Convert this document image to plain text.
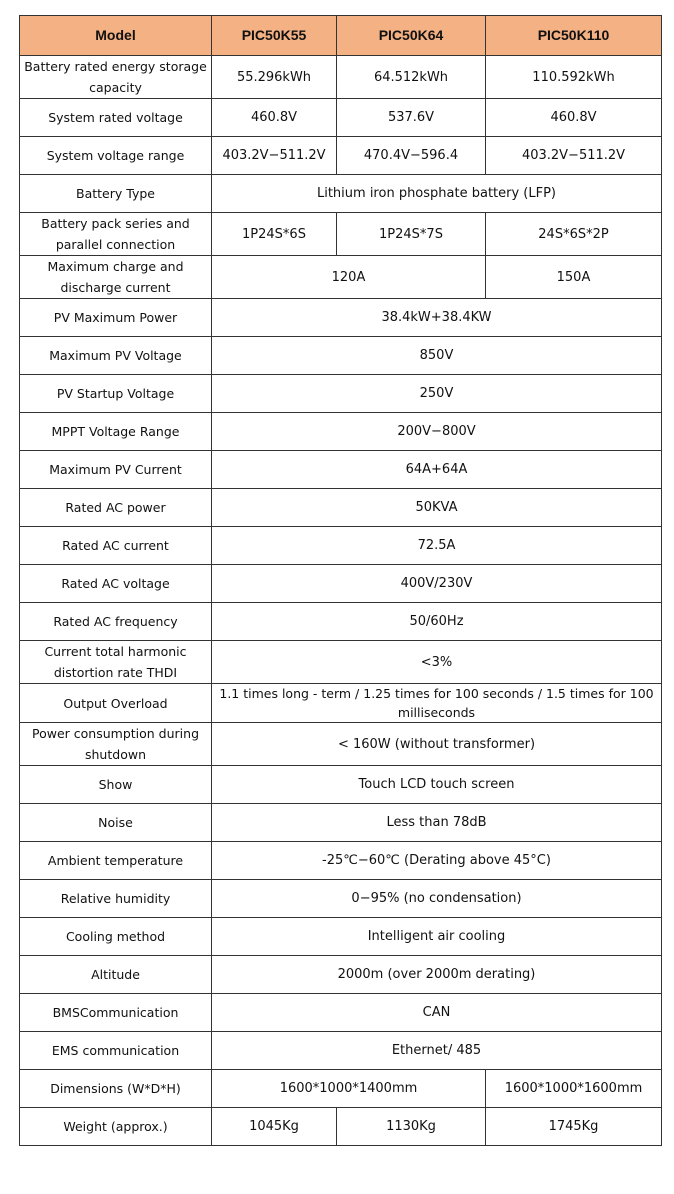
Model	PIC50K55	PIC50K64	PIC50K110
Battery rated energy storage capacity	55.296kWh	64.512kWh	110.592kWh
System rated voltage	460.8V	537.6V	460.8V
System voltage range	403.2V−511.2V	470.4V−596.4	403.2V−511.2V
Battery Type	Lithium iron phosphate battery (LFP)		
Battery pack series and parallel connection	1P24S*6S	1P24S*7S	24S*6S*2P
Maximum charge and discharge current	120A		150A
PV Maximum Power	38.4kW+38.4KW		
Maximum PV Voltage	850V		
PV Startup Voltage	250V		
MPPT Voltage Range	200V−800V		
Maximum PV Current	64A+64A		
Rated AC power	50KVA		
Rated AC current	72.5A		
Rated AC voltage	400V/230V		
Rated AC frequency	50/60Hz		
Current total harmonic distortion rate THDI	<3%		
Output Overload	1.1 times long - term / 1.25 times for 100 seconds / 1.5 times for 100 milliseconds		
Power consumption during shutdown	< 160W (without transformer)		
Show	Touch LCD touch screen		
Noise	Less than 78dB		
Ambient temperature	-25℃−60℃ (Derating above 45°C)		
Relative humidity	0−95% (no condensation)		
Cooling method	Intelligent air cooling		
Altitude	2000m (over 2000m derating)		
BMSCommunication	CAN		
EMS communication	Ethernet/ 485		
Dimensions (W*D*H)	1600*1000*1400mm		1600*1000*1600mm
Weight (approx.)	1045Kg	1130Kg	1745Kg
